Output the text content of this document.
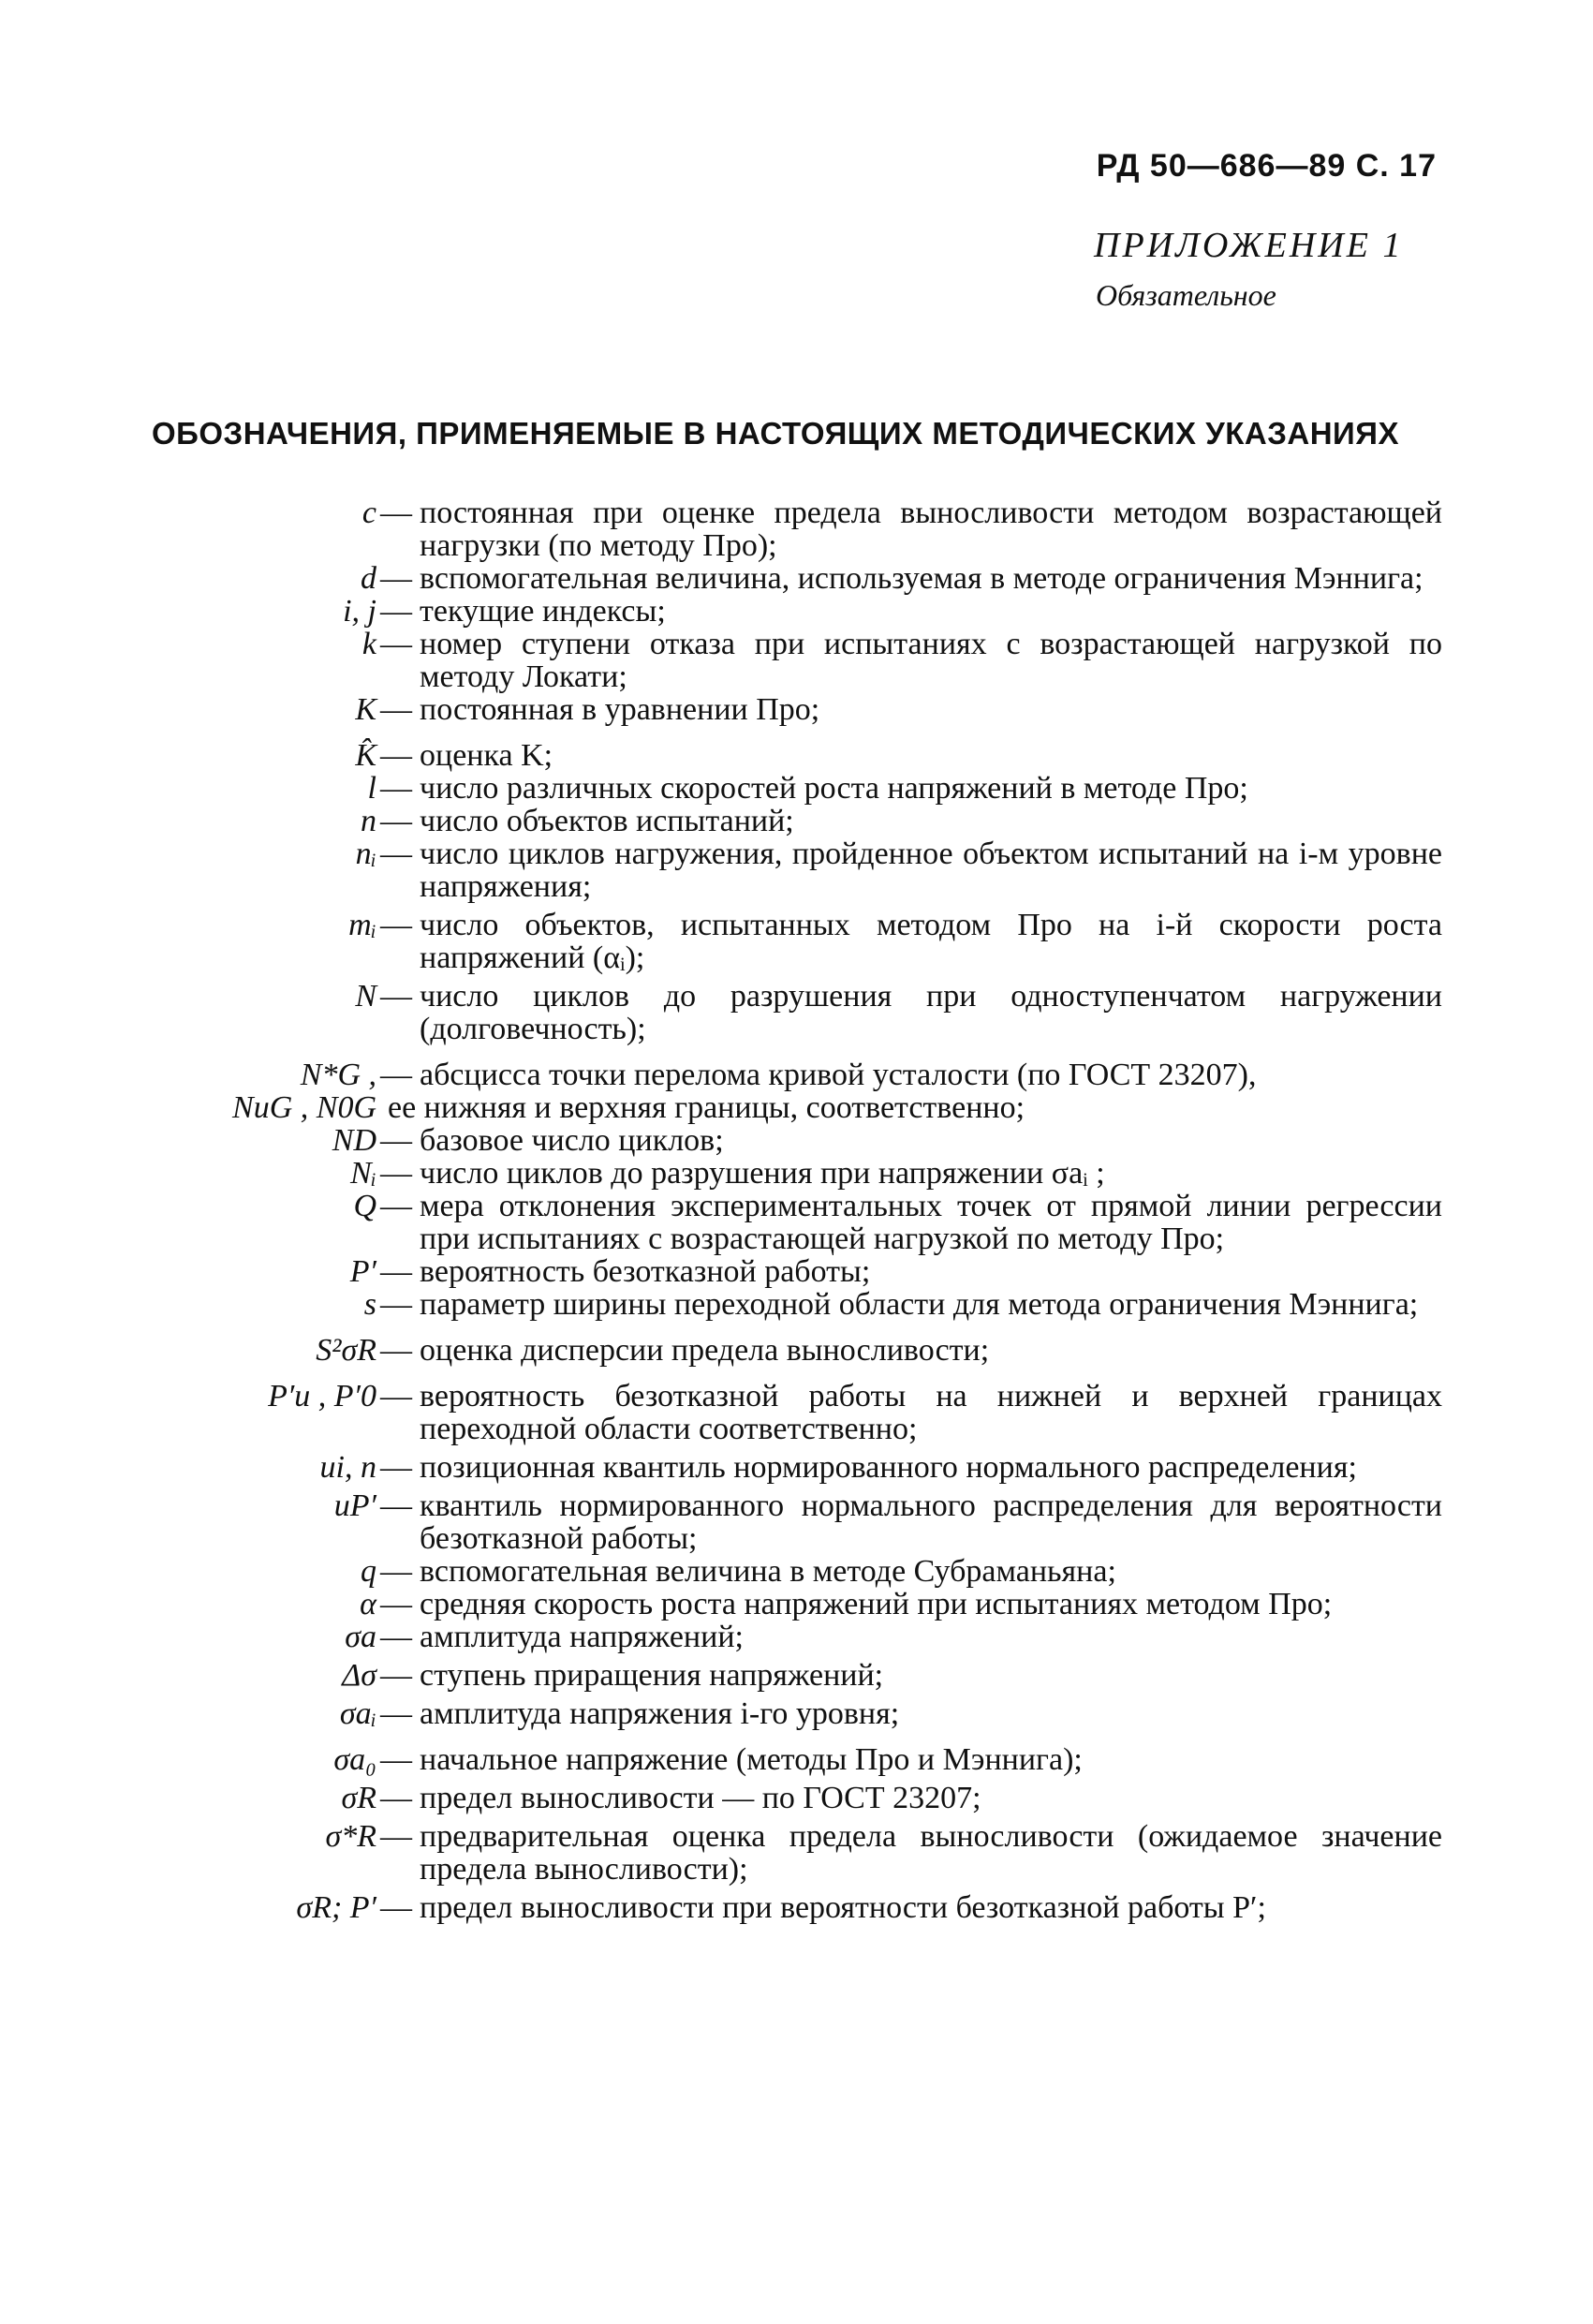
РД 50—686—89 С. 17
ПРИЛОЖЕНИЕ 1
Обязательное
ОБОЗНАЧЕНИЯ, ПРИМЕНЯЕМЫЕ В НАСТОЯЩИХ МЕТОДИЧЕСКИХ УКАЗАНИЯХ
c — постоянная при оценке предела выносливости методом возрастающей нагрузки (по методу Про);
d — вспомогательная величина, используемая в методе ограничения Мэннига;
i, j — текущие индексы;
k — номер ступени отказа при испытаниях с возрастающей нагрузкой по методу Локати;
K — постоянная в уравнении Про;
K̂ — оценка K;
l — число различных скоростей роста напряжений в методе Про;
n — число объектов испытаний;
nᵢ — число циклов нагружения, пройденное объектом испытаний на i-м уровне напряжения;
mᵢ — число объектов, испытанных методом Про на i-й скорости роста напряжений (αᵢ);
N — число циклов до разрушения при одноступенчатом нагружении (долговечность);
N*G , — абсцисса точки перелома кривой усталости (по ГОСТ 23207),
NиG , N0G ее нижняя и верхняя границы, соответственно;
ND — базовое число циклов;
Nᵢ — число циклов до разрушения при напряжении σaᵢ ;
Q — мера отклонения экспериментальных точек от прямой линии регрессии при испытаниях с возрастающей нагрузкой по методу Про;
P′ — вероятность безотказной работы;
s — параметр ширины переходной области для метода ограничения Мэннига;
S²σR — оценка дисперсии предела выносливости;
P′и , P′0 — вероятность безотказной работы на нижней и верхней границах переходной области соответственно;
ui, n — позиционная квантиль нормированного нормального распределения;
uP′ — квантиль нормированного нормального распределения для вероятности безотказной работы;
q — вспомогательная величина в методе Субраманьяна;
α — средняя скорость роста напряжений при испытаниях методом Про;
σa — амплитуда напряжений;
Δσ — ступень приращения напряжений;
σaᵢ — амплитуда напряжения i-го уровня;
σa₀ — начальное напряжение (методы Про и Мэннига);
σR — предел выносливости — по ГОСТ 23207;
σ*R — предварительная оценка предела выносливости (ожидаемое значение предела выносливости);
σR; P′ — предел выносливости при вероятности безотказной работы P′;
